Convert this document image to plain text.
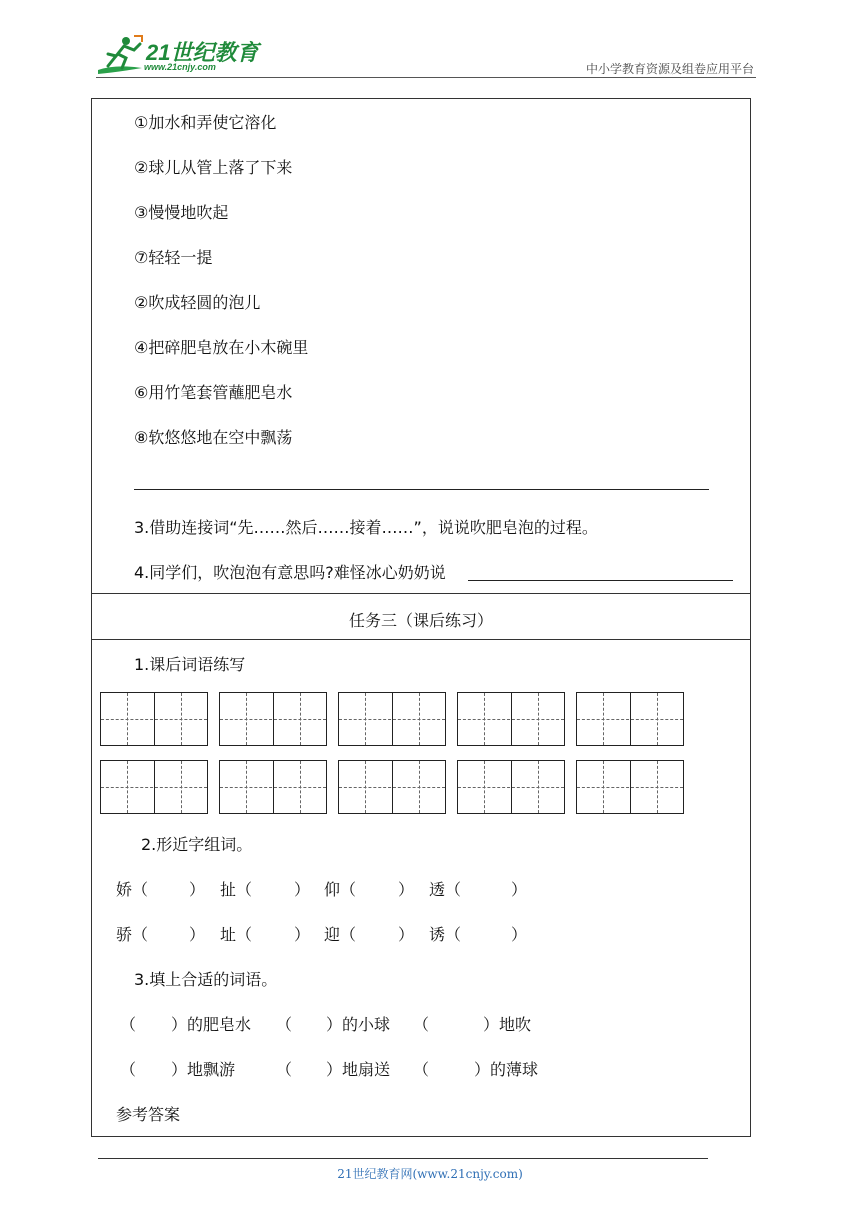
21世纪教育
www.21cnjy.com	中小学教育资源及组卷应用平台
①加水和弄使它溶化
②球儿从管上落了下来
③慢慢地吹起
⑦轻轻一提
②吹成轻圆的泡儿
④把碎肥皂放在小木碗里
⑥用竹笔套管蘸肥皂水
⑧软悠悠地在空中飘荡
3.借助连接词“先……然后……接着……”，说说吹肥皂泡的过程。
4.同学们，吹泡泡有意思吗?难怪冰心奶奶说
任务三（课后练习）
1.课后词语练写
2.形近字组词。
娇（	） 扯（	） 仰（	） 透（	）
骄（	） 址（	） 迎（	） 诱（	）
3.填上合适的词语。
（ ）的肥皂水 （ ）的小球 （	）地吹
（ ）地飘游	（ ）地扇送 （	）的薄球
参考答案
21世纪教育网(www.21cnjy.com)
